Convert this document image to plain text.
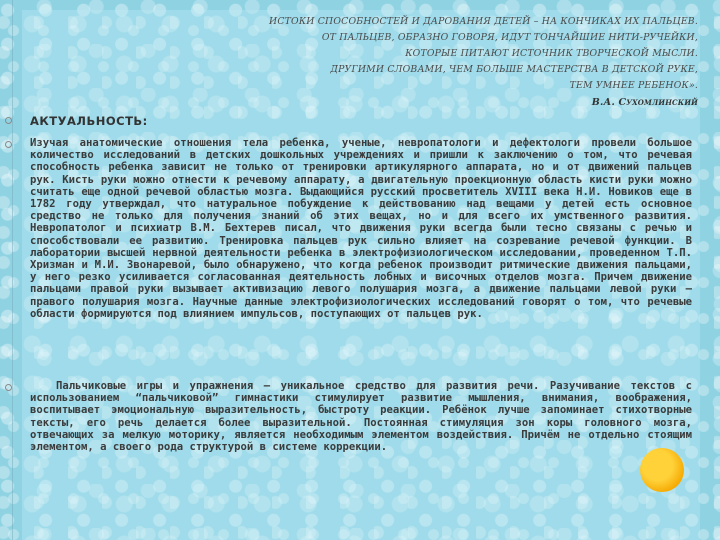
ИСТОКИ СПОСОБНОСТЕЙ И ДАРОВАНИЯ ДЕТЕЙ – НА КОНЧИКАХ ИХ ПАЛЬЦЕВ.
ОТ ПАЛЬЦЕВ, ОБРАЗНО ГОВОРЯ, ИДУТ ТОНЧАЙШИЕ НИТИ-РУЧЕЙКИ,
КОТОРЫЕ ПИТАЮТ ИСТОЧНИК ТВОРЧЕСКОЙ МЫСЛИ.
ДРУГИМИ СЛОВАМИ, ЧЕМ БОЛЬШЕ МАСТЕРСТВА В ДЕТСКОЙ РУКЕ,
ТЕМ УМНЕЕ РЕБЕНОК».
В.А. Сухомлинский
АКТУАЛЬНОСТЬ:
Изучая анатомические отношения тела ребенка, ученые, невропатологи и дефектологи провели большое количество исследований в детских дошкольных учреждениях и пришли к заключению о том, что речевая способность ребенка зависит не только от тренировки артикулярного аппарата, но и от движений пальцев рук. Кисть руки можно отнести к речевому аппарату, а двигательную проекционную область кисти руки можно считать еще одной речевой областью мозга. Выдающийся русский просветитель XVIII века Н.И. Новиков еще в 1782 году утверждал, что натуральное побуждение к действованию над вещами у детей есть основное средство не только для получения знаний об этих вещах, но и для всего их умственного развития. Невропатолог и психиатр В.М. Бехтерев писал, что движения руки всегда были тесно связаны с речью и способствовали ее развитию. Тренировка пальцев рук сильно влияет на созревание речевой функции. В лаборатории высшей нервной деятельности ребенка в электрофизиологическом исследовании, проведенном Т.П. Хризман и М.И. Звонаревой, было обнаружено, что когда ребенок производит ритмические движения пальцами, у него резко усиливается согласованная деятельность лобных и височных отделов мозга. Причем движение пальцами правой руки вызывает активизацию левого полушария мозга, а движение пальцами левой руки – правого полушария мозга. Научные данные электрофизиологических исследований говорят о том, что речевые области формируются под влиянием импульсов, поступающих от пальцев рук.
Пальчиковые игры и упражнения – уникальное средство для развития речи. Разучивание текстов с использованием “пальчиковой” гимнастики стимулирует развитие мышления, внимания, воображения, воспитывает эмоциональную выразительность, быстроту реакции. Ребёнок лучше запоминает стихотворные тексты, его речь делается более выразительной. Постоянная стимуляция зон коры головного мозга, отвечающих за мелкую моторику, является необходимым элементом воздействия. Причём не отдельно стоящим элементом, а своего рода структурой в системе коррекции.
